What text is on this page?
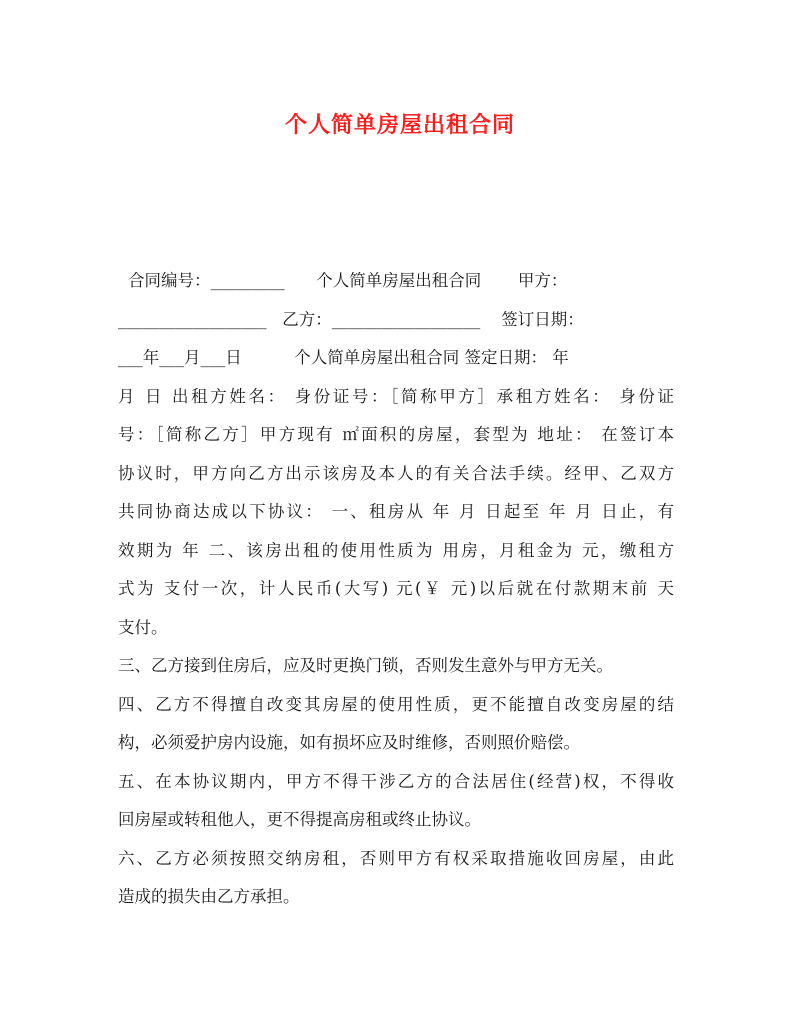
个人简单房屋出租合同
合同编号：_________      个人简单房屋出租合同       甲方：
__________________   乙方：__________________    签订日期：
___年___月___日          个人简单房屋出租合同 签定日期： 年
月 日 出租方姓名： 身份证号：［简称甲方］承租方姓名： 身份证
号：［简称乙方］甲方现有 ㎡面积的房屋，套型为 地址： 在签订本
协议时，甲方向乙方出示该房及本人的有关合法手续。经甲、乙双方
共同协商达成以下协议： 一、租房从 年 月 日起至 年 月 日止，有
效期为 年 二、该房出租的使用性质为 用房，月租金为 元，缴租方
式为 支付一次，计人民币(大写) 元(￥ 元)以后就在付款期末前 天
支付。
三、乙方接到住房后，应及时更换门锁，否则发生意外与甲方无关。
四、乙方不得擅自改变其房屋的使用性质，更不能擅自改变房屋的结
构，必须爱护房内设施，如有损坏应及时维修，否则照价赔偿。
五、在本协议期内，甲方不得干涉乙方的合法居住(经营)权，不得收
回房屋或转租他人，更不得提高房租或终止协议。
六、乙方必须按照交纳房租，否则甲方有权采取措施收回房屋，由此
造成的损失由乙方承担。
